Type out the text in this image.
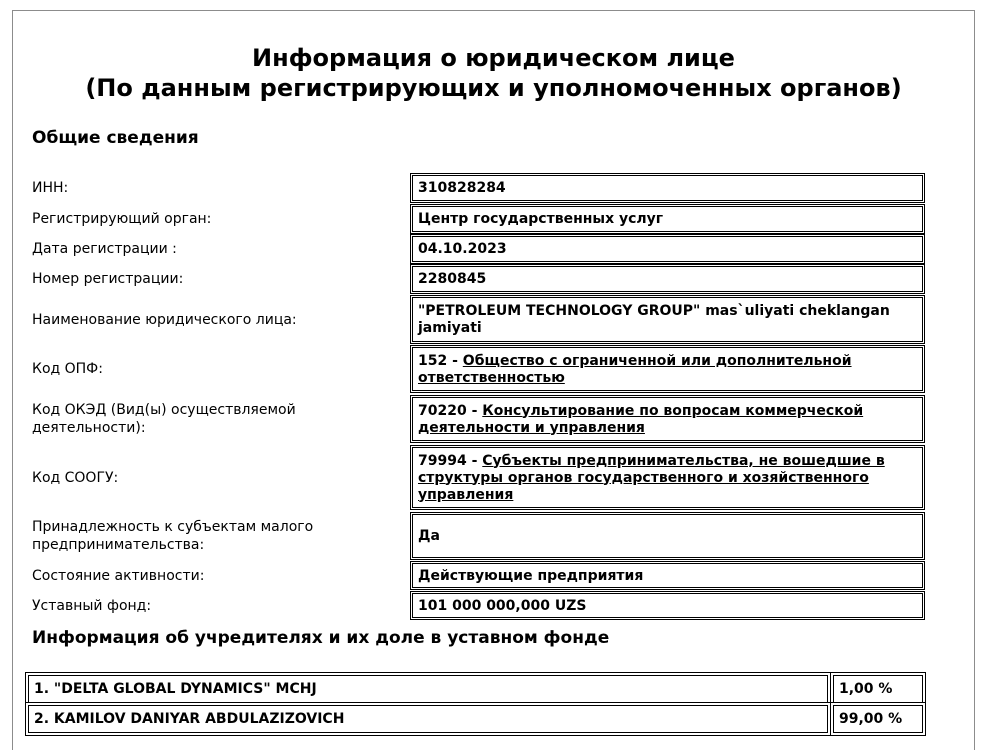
Информация о юридическом лице
(По данным регистрирующих и уполномоченных органов)
Общие сведения
ИНН:	310828284
Регистрирующий орган:	Центр государственных услуг
Дата регистрации :	04.10.2023
Номер регистрации:	2280845
Наименование юридического лица:
"PETROLEUM TECHNOLOGY GROUP" mas`uliyati cheklangan jamiyati
Код ОПФ:
152 - Общество с ограниченной или дополнительной ответственностью
Код ОКЭД (Вид(ы) осуществляемой деятельности):
70220 - Консультирование по вопросам коммерческой деятельности и управления
Код СООГУ:
79994 - Субъекты предпринимательства, не вошедшие в структуры органов государственного и хозяйственного управления
Принадлежность к субъектам малого предпринимательства:
Да
Состояние активности:	Действующие предприятия
Уставный фонд:	101 000 000,000 UZS
Информация об учредителях и их доле в уставном фонде
1. "DELTA GLOBAL DYNAMICS" MCHJ	1,00 %
2. KAMILOV DANIYAR ABDULAZIZOVICH	99,00 %
